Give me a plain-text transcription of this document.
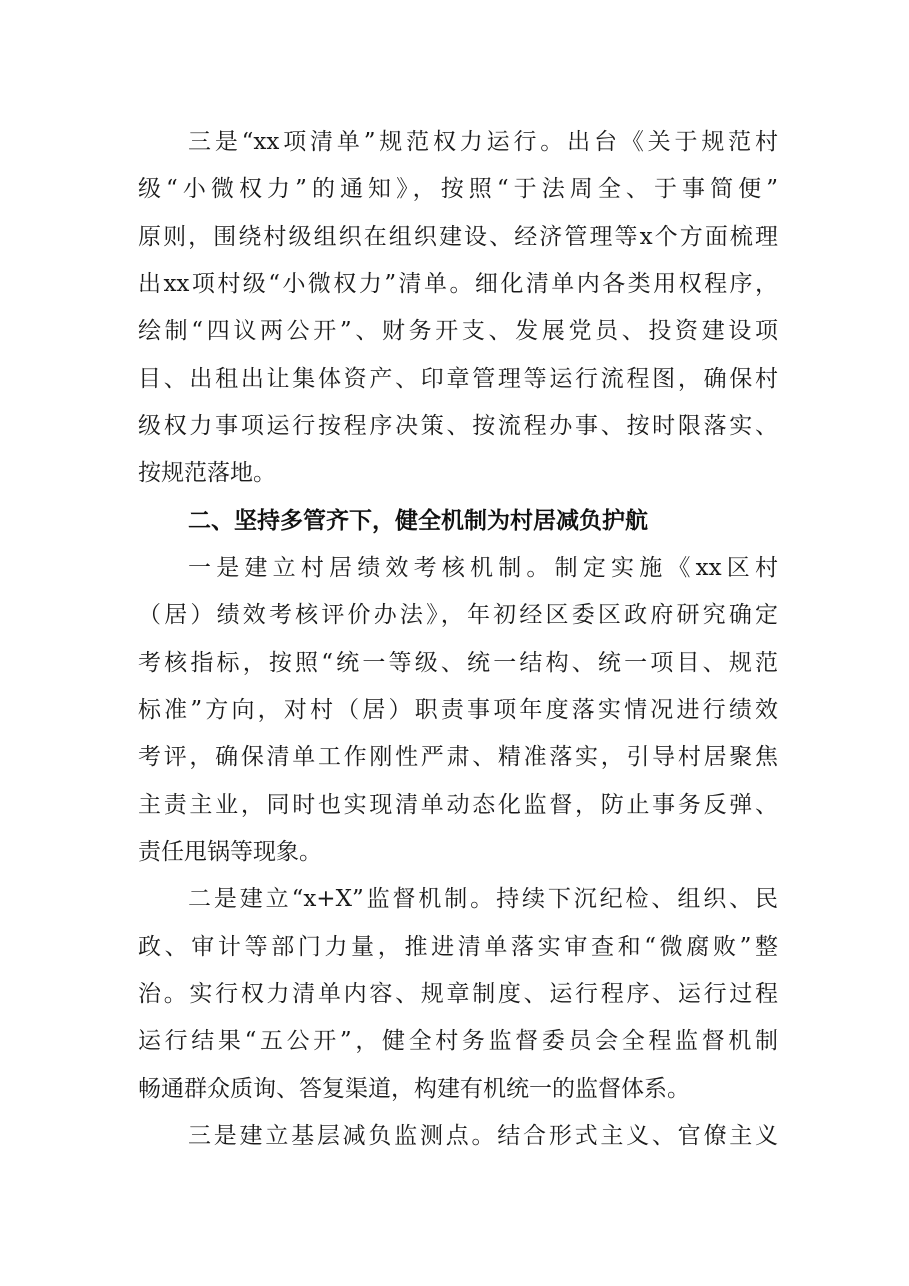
三是“xx项清单”规范权力运行。出台《关于规范村
级“小微权力”的通知》，按照“于法周全、于事简便”
原则，围绕村级组织在组织建设、经济管理等x个方面梳理
出xx项村级“小微权力”清单。细化清单内各类用权程序，
绘制“四议两公开”、财务开支、发展党员、投资建设项
目、出租出让集体资产、印章管理等运行流程图，确保村
级权力事项运行按程序决策、按流程办事、按时限落实、
按规范落地。
二、坚持多管齐下，健全机制为村居减负护航
一是建立村居绩效考核机制。制定实施《xx区村
（居）绩效考核评价办法》，年初经区委区政府研究确定
考核指标，按照“统一等级、统一结构、统一项目、规范
标准”方向，对村（居）职责事项年度落实情况进行绩效
考评，确保清单工作刚性严肃、精准落实，引导村居聚焦
主责主业，同时也实现清单动态化监督，防止事务反弹、
责任甩锅等现象。
二是建立“x+X”监督机制。持续下沉纪检、组织、民
政、审计等部门力量，推进清单落实审查和“微腐败”整
治。实行权力清单内容、规章制度、运行程序、运行过程
运行结果“五公开”，健全村务监督委员会全程监督机制
畅通群众质询、答复渠道，构建有机统一的监督体系。
三是建立基层减负监测点。结合形式主义、官僚主义
